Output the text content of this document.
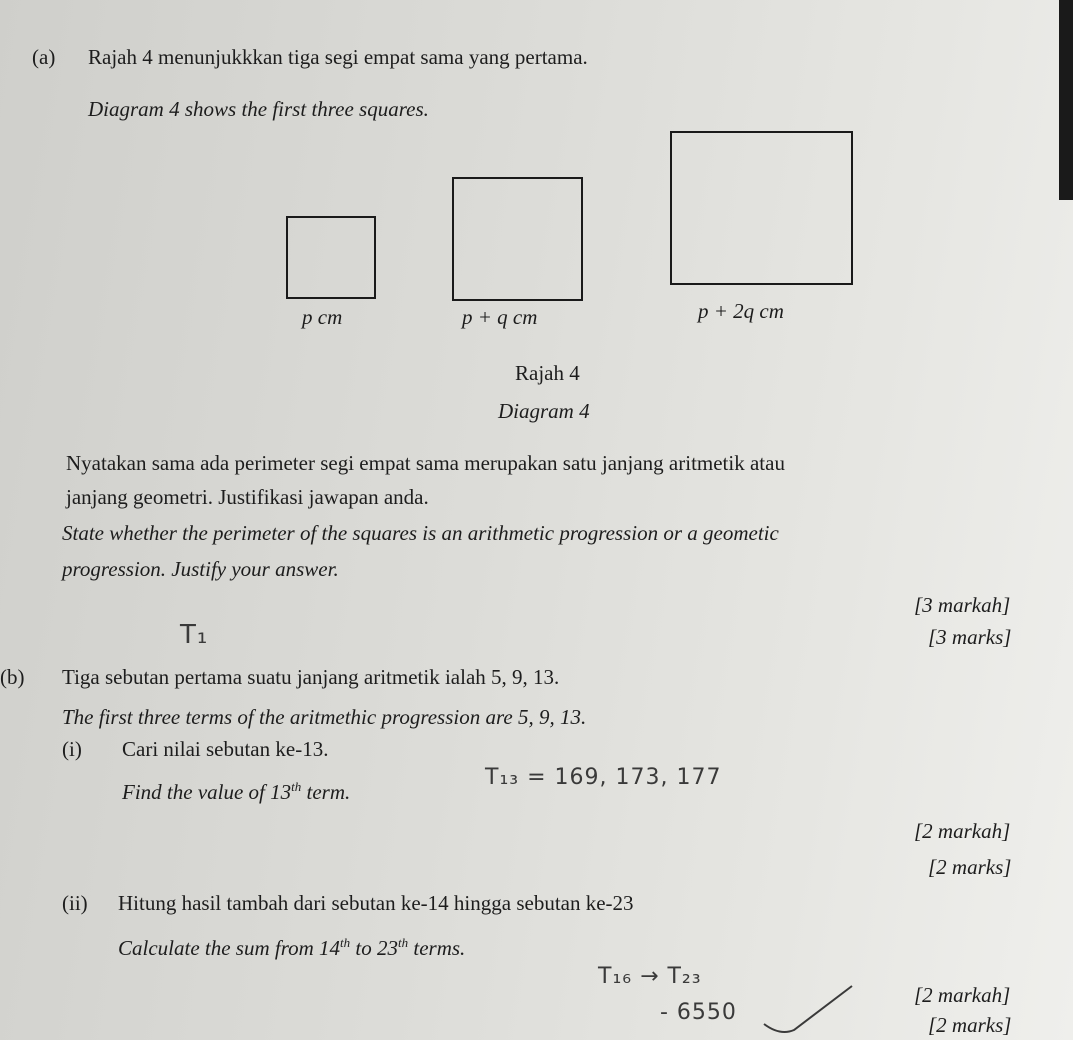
(a) Rajah 4 menunjukkkan tiga segi empat sama yang pertama.
Diagram 4 shows the first three squares.
p cm	p + q cm	p + 2q cm
Rajah 4
Diagram 4
Nyatakan sama ada perimeter segi empat sama merupakan satu janjang aritmetik atau
janjang geometri. Justifikasi jawapan anda.
State whether the perimeter of the squares is an arithmetic progression or a geometic
progression. Justify your answer.
[3 markah]
T₁	[3 marks]
(b) Tiga sebutan pertama suatu janjang aritmetik ialah 5, 9, 13.
The first three terms of the aritmethic progression are 5, 9, 13.
(i) Cari nilai sebutan ke-13.
Find the value of 13th term.
T₁₃ = 169, 173, 177
[2 markah]
[2 marks]
(ii) Hitung hasil tambah dari sebutan ke-14 hingga sebutan ke-23
Calculate the sum from 14th to 23th terms.
T₁₆ → T₂₃
- 6550
[2 markah]
[2 marks]
